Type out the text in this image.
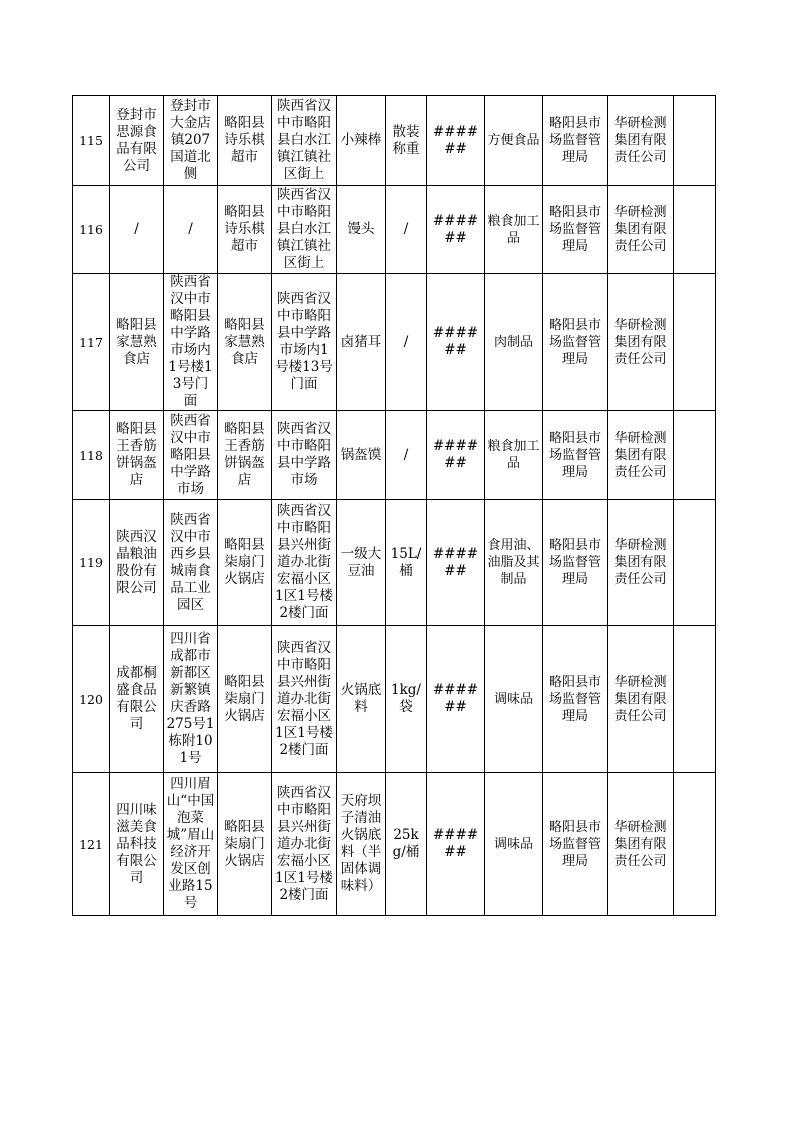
115	登封市思源食品有限公司	登封市大金店镇207国道北侧	略阳县诗乐棋超市	陕西省汉中市略阳县白水江镇江镇社区街上	小辣棒	散装称重	######	方便食品	略阳县市场监督管理局	华研检测集团有限责任公司	

116	/	/	略阳县诗乐棋超市	陕西省汉中市略阳县白水江镇江镇社区街上	馒头	/	######	粮食加工品	略阳县市场监督管理局	华研检测集团有限责任公司	

117	略阳县家慧熟食店	陕西省汉中市略阳县中学路市场内1号楼13号门面	略阳县家慧熟食店	陕西省汉中市略阳县中学路市场内1号楼13号门面	卤猪耳	/	######	肉制品	略阳县市场监督管理局	华研检测集团有限责任公司	

118	略阳县王香筋饼锅盔店	陕西省汉中市略阳县中学路市场	略阳县王香筋饼锅盔店	陕西省汉中市略阳县中学路市场	锅盔馍	/	######	粮食加工品	略阳县市场监督管理局	华研检测集团有限责任公司	

119	陕西汉晶粮油股份有限公司	陕西省汉中市西乡县城南食品工业园区	略阳县柒扇门火锅店	陕西省汉中市略阳县兴州街道办北街宏福小区1区1号楼2楼门面	一级大豆油	15L/桶	######	食用油、油脂及其制品	略阳县市场监督管理局	华研检测集团有限责任公司	

120	成都桐盛食品有限公司	四川省成都市新都区新繁镇庆香路275号1栋附101号	略阳县柒扇门火锅店	陕西省汉中市略阳县兴州街道办北街宏福小区1区1号楼2楼门面	火锅底料	1kg/袋	######	调味品	略阳县市场监督管理局	华研检测集团有限责任公司	

121	四川味滋美食品科技有限公司	四川眉山“中国泡菜城”眉山经济开发区创业路15号	略阳县柒扇门火锅店	陕西省汉中市略阳县兴州街道办北街宏福小区1区1号楼2楼门面	天府坝子清油火锅底料（半固体调味料）	25kg/桶	######	调味品	略阳县市场监督管理局	华研检测集团有限责任公司	
